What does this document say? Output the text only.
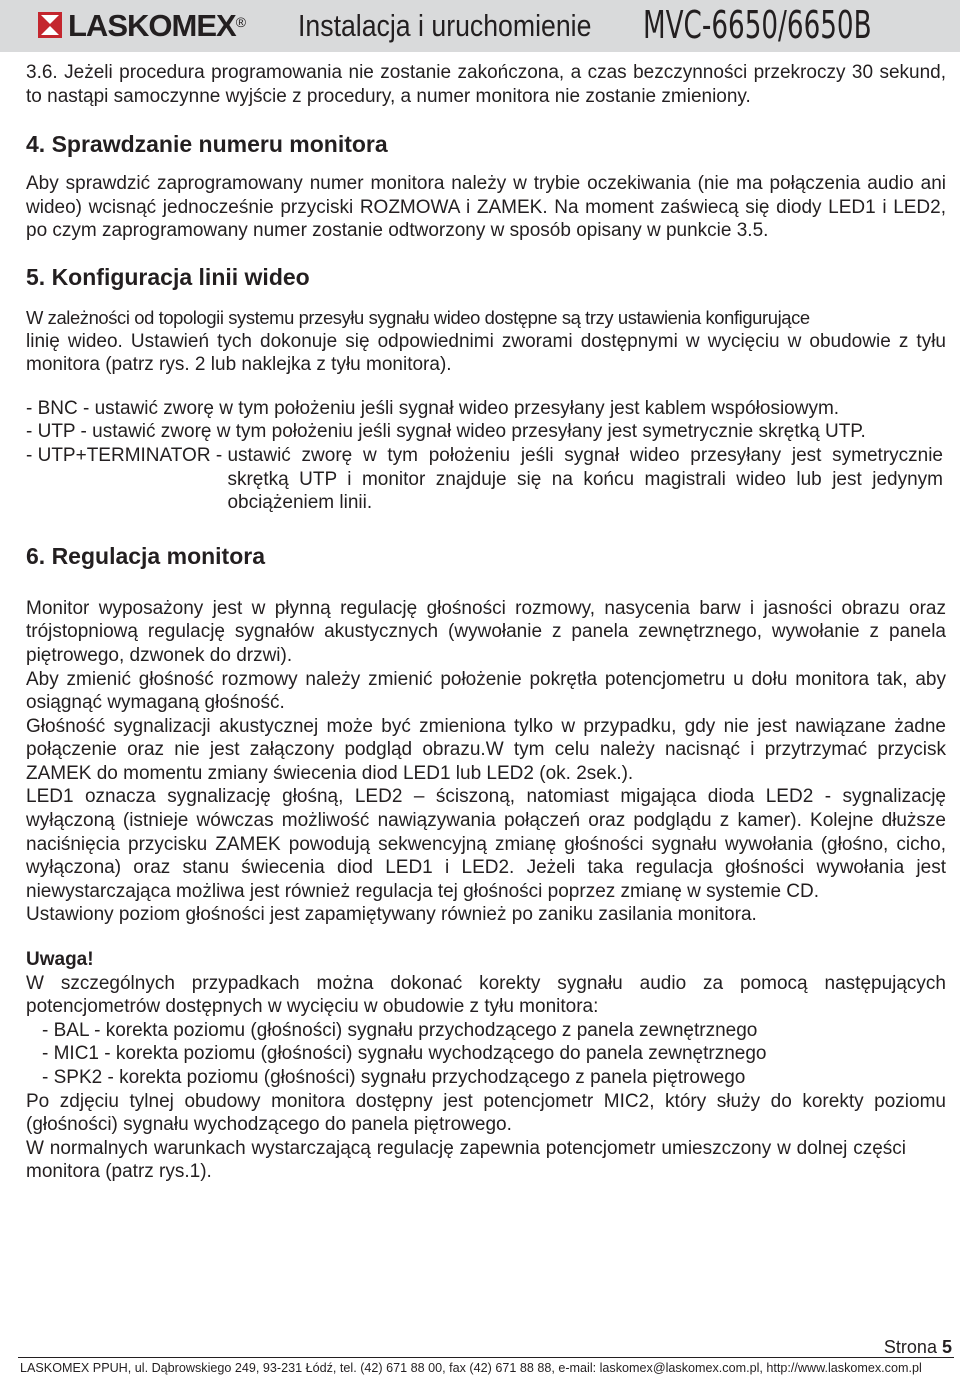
LASKOMEX® Instalacja i uruchomienie MVC-6650/6650B

3.6. Jeżeli procedura programowania nie zostanie zakończona, a czas bezczynności przekroczy 30 sekund, to nastąpi samoczynne wyjście z procedury, a numer monitora nie zostanie zmieniony.

4. Sprawdzanie numeru monitora

Aby sprawdzić zaprogramowany numer monitora należy w trybie oczekiwania (nie ma połączenia audio ani wideo) wcisnąć jednocześnie przyciski ROZMOWA i ZAMEK. Na moment zaświecą się diody LED1 i LED2, po czym zaprogramowany numer zostanie odtworzony w sposób opisany w punkcie 3.5.

5. Konfiguracja linii wideo

W zależności od topologii systemu przesyłu sygnału wideo dostępne są trzy ustawienia konfigurujące

linię wideo. Ustawień tych dokonuje się odpowiednimi zworami dostępnymi w wycięciu w obudowie z tyłu monitora (patrz rys. 2 lub naklejka z tyłu monitora).

- BNC - ustawić zworę w tym położeniu jeśli sygnał wideo przesyłany jest kablem współosiowym.
- UTP - ustawić zworę w tym położeniu jeśli sygnał wideo przesyłany jest symetrycznie skrętką UTP.
- UTP+TERMINATOR - ustawić zworę w tym położeniu jeśli sygnał wideo przesyłany jest symetrycznie skrętką UTP i monitor znajduje się na końcu magistrali wideo lub jest jedynym obciążeniem linii.
6. Regulacja monitora

Monitor wyposażony jest w płynną regulację głośności rozmowy, nasycenia barw i jasności obrazu oraz trójstopniową regulację sygnałów akustycznych (wywołanie z panela zewnętrznego, wywołanie z panela piętrowego, dzwonek do drzwi).

Aby zmienić głośność rozmowy należy zmienić położenie pokrętła potencjometru u dołu monitora tak, aby osiągnąć wymaganą głośność.

Głośność sygnalizacji akustycznej może być zmieniona tylko w przypadku, gdy nie jest nawiązane żadne połączenie oraz nie jest załączony podgląd obrazu.W tym celu należy nacisnąć i przytrzymać przycisk ZAMEK do momentu zmiany świecenia diod LED1 lub LED2 (ok. 2sek.).

LED1 oznacza sygnalizację głośną, LED2 – ściszoną, natomiast migająca dioda LED2 - sygnalizację wyłączoną (istnieje wówczas możliwość nawiązywania połączeń oraz podglądu z kamer). Kolejne dłuższe naciśnięcia przycisku ZAMEK powodują sekwencyjną zmianę głośności sygnału wywołania (głośno, cicho, wyłączona) oraz stanu świecenia diod LED1 i LED2. Jeżeli taka regulacja głośności wywołania jest niewystarczająca możliwa jest również regulacja tej głośności poprzez zmianę w systemie CD.

Ustawiony poziom głośności jest zapamiętywany również po zaniku zasilania monitora.

Uwaga!

W szczególnych przypadkach można dokonać korekty sygnału audio za pomocą następujących potencjometrów dostępnych w wycięciu w obudowie z tyłu monitora:

- BAL - korekta poziomu (głośności) sygnału przychodzącego z panela zewnętrznego
- MIC1 - korekta poziomu (głośności) sygnału wychodzącego do panela zewnętrznego
- SPK2 - korekta poziomu (głośności) sygnału przychodzącego z panela piętrowego

Po zdjęciu tylnej obudowy monitora dostępny jest potencjometr MIC2, który służy do korekty poziomu (głośności) sygnału wychodzącego do panela piętrowego.

W normalnych warunkach wystarczającą regulację zapewnia potencjometr umieszczony w dolnej części monitora (patrz rys.1).

Strona 5
LASKOMEX PPUH, ul. Dąbrowskiego 249, 93-231 Łódź, tel. (42) 671 88 00, fax (42) 671 88 88, e-mail: laskomex@laskomex.com.pl, http://www.laskomex.com.pl
